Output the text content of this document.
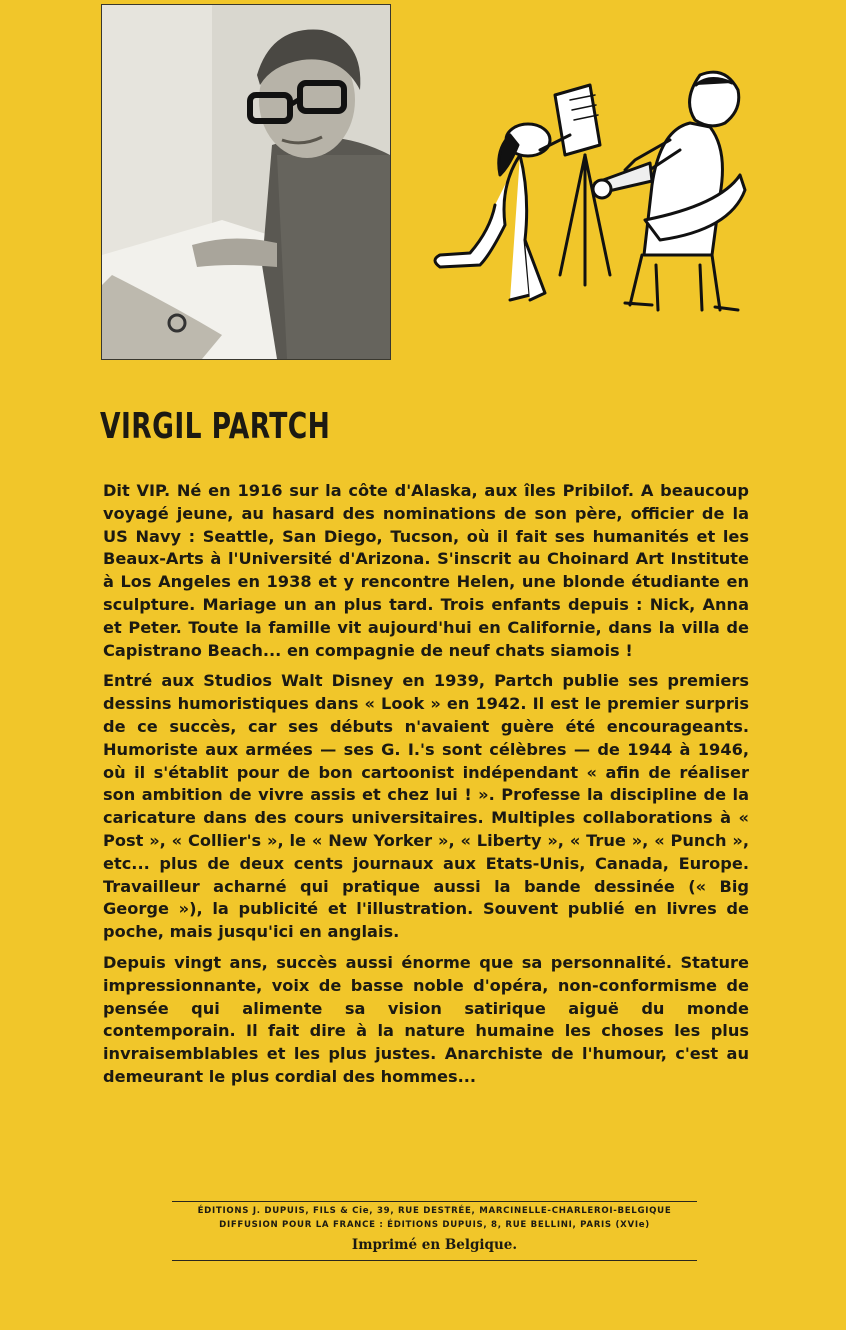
VIRGIL PARTCH

Dit VIP. Né en 1916 sur la côte d'Alaska, aux îles Pribilof. A beaucoup voyagé jeune, au hasard des nominations de son père, officier de la US Navy : Seattle, San Diego, Tucson, où il fait ses humanités et les Beaux-Arts à l'Université d'Arizona. S'inscrit au Choinard Art Institute à Los Angeles en 1938 et y rencontre Helen, une blonde étudiante en sculpture. Mariage un an plus tard. Trois enfants depuis : Nick, Anna et Peter. Toute la famille vit aujourd'hui en Californie, dans la villa de Capistrano Beach... en compagnie de neuf chats siamois !

Entré aux Studios Walt Disney en 1939, Partch publie ses premiers dessins humoristiques dans « Look » en 1942. Il est le premier surpris de ce succès, car ses débuts n'avaient guère été encourageants. Humoriste aux armées — ses G. I.'s sont célèbres — de 1944 à 1946, où il s'établit pour de bon cartoonist indépendant « afin de réaliser son ambition de vivre assis et chez lui ! ». Professe la discipline de la caricature dans des cours universitaires. Multiples collaborations à « Post », « Collier's », le « New Yorker », « Liberty », « True », « Punch », etc... plus de deux cents journaux aux Etats-Unis, Canada, Europe. Travailleur acharné qui pratique aussi la bande dessinée (« Big George »), la publicité et l'illustration. Souvent publié en livres de poche, mais jusqu'ici en anglais.

Depuis vingt ans, succès aussi énorme que sa personnalité. Stature impressionnante, voix de basse noble d'opéra, non-conformisme de pensée qui alimente sa vision satirique aiguë du monde contemporain. Il fait dire à la nature humaine les choses les plus invraisemblables et les plus justes. Anarchiste de l'humour, c'est au demeurant le plus cordial des hommes...

ÉDITIONS J. DUPUIS, FILS & Cie, 39, RUE DESTRÉE, MARCINELLE-CHARLEROI-BELGIQUE
DIFFUSION POUR LA FRANCE : ÉDITIONS DUPUIS, 8, RUE BELLINI, PARIS (XVIe)
Imprimé en Belgique.
